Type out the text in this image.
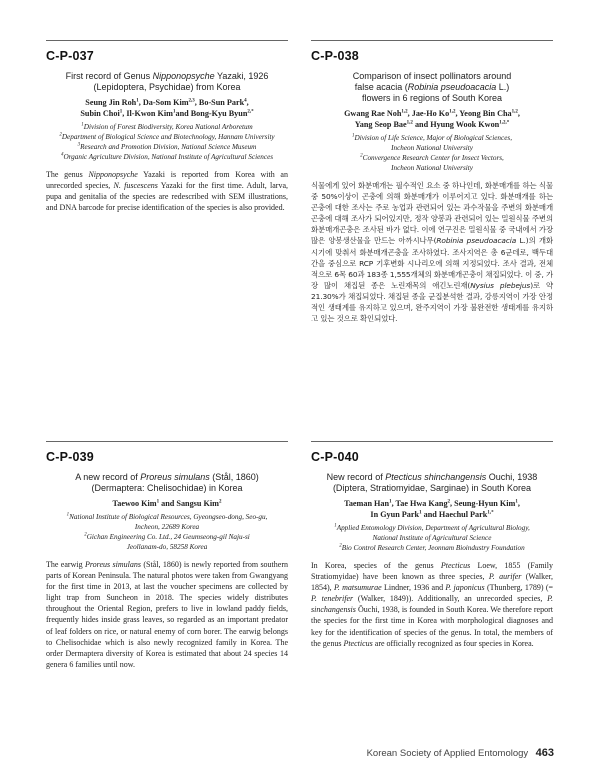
C-P-037
First record of Genus Nipponopsyche Yazaki, 1926
(Lepidoptera, Psychidae) from Korea
Seung Jin Roh$^1$, Da-Som Kim$^{2,3}$, Bo-Sun Park$^4$,
Subin Choi$^1$, Il-Kwon Kim$^1$and Bong-Kyu Byun$^{2,*}$
$^1$Division of Forest Biodiversity, Korea National Arboretum
$^2$Department of Biological Science and Biotechnology, Hannam University
$^3$Research and Promotion Division, National Science Museum
$^4$Organic Agriculture Division, National Institute of Agricultural Sciences
The genus Nipponopsyche Yazaki is reported from Korea with an unrecorded species, N. fuscescens Yazaki for the first time. Adult, larva, pupa and genitalia of the species are redescribed with SEM illustrations, and DNA barcode for precise identification of the species is also provided.
C-P-038
Comparison of insect pollinators around
false acacia (Robinia pseudoacacia L.)
flowers in 6 regions of South Korea
Gwang Rae Noh$^{1,2}$, Jae-Ho Ko$^{1,2}$, Yeong Bin Cha$^{1,2}$,
Yang Seop Bae$^{1,2}$ and Hyung Wook Kwon$^{1,2,*}$
$^1$Division of Life Science, Major of Biological Sciences,
Incheon National University
$^2$Convergence Research Center for Insect Vectors,
Incheon National University
식물에게 있어 화분매개는 필수적인 요소 중 하나인데, 화분매개를 하는 식물 중 50%이상이 곤충에 의해 화분매개가 이루어지고 있다. 화분매개를 하는 곤충에 대한 조사는 주로 농업과 관련되어 있는 과수작물을 주변의 화분매개곤충에 대해 조사가 되어있지만, 정작 양봉과 관련되어 있는 밀원식물 주변의 화분매개곤충은 조사된 바가 없다. 이에 연구진은 밀원식물 중 국내에서 가장 많은 양봉생산물을 만드는 아까시나무(Robinia pseudoacacia L.)의 개화시기에 맞춰서 화분매개곤충을 조사하였다. 조사지역은 총 6군데로, 백두대간을 중심으로 RCP 기후변화 시나리오에 의해 지정되었다. 조사 결과, 전체적으로 6목 60과 183종 1,555개체의 화분매개곤충이 채집되었다. 이 중, 가장 많이 채집된 종은 노린재목의 애긴노린재(Nysius plebejus)로 약 21.30%가 채집되었다. 채집된 종을 군집분석한 결과, 강릉지역이 가장 안정적인 생태계를 유지하고 있으며, 완주지역이 가장 불완전한 생태계를 유지하고 있는 것으로 확인되었다.
C-P-039
A new record of Proreus simulans (Stål, 1860)
(Dermaptera: Chelisochidae) in Korea
Taewoo Kim$^1$ and Sangsu Kim$^2$
$^1$National Institute of Biological Resources, Gyeongseo-dong, Seo-gu,
Incheon, 22689 Korea
$^2$Gichan Engineering Co. Ltd., 24 Geumseong-gil Naju-si
Jeollanam-do, 58258 Korea
The earwig Proreus simulans (Stål, 1860) is newly reported from southern parts of Korean Peninsula. The natural photos were taken from Gwangyang for the first time in 2013, at last the voucher specimens are collected by light trap from Suncheon in 2018. The species widely distributes throughout the Oriental Region, prefers to live in lowland paddy fields, frequently hides inside grass leaves, so regarded as an important predator of leaf folders on rice, or natural enemy of corn borer. The earwig belongs to Chelisochidae which is also newly recognized family in Korea. The order Dermaptera diversity of Korea is estimated that about 24 species 14 genera 6 families until now.
C-P-040
New record of Ptecticus shinchangensis Ouchi, 1938
(Diptera, Stratiomyidae, Sarginae) in South Korea
Taeman Han$^1$, Tae Hwa Kang$^2$, Seung-Hyun Kim$^1$,
In Gyun Park$^1$ and Haechul Park$^{1,*}$
$^1$Applied Entomology Division, Department of Agricultural Biology,
National Institute of Agricultural Science
$^2$Bio Control Research Center, Jeonnam Bioindustry Foundation
In Korea, species of the genus Ptecticus Loew, 1855 (Family Stratiomyidae) have been known as three species, P. aurifer (Walker, 1854), P. matsumurae Lindner, 1936 and P. japonicus (Thunberg, 1789) (= P. tenebrifer (Walker, 1849)). Additionally, an unrecorded species, P. sinchangensis Ōuchi, 1938, is founded in South Korea. We therefore report the species for the first time in Korea with morphological diagnoses and key for the identification of species of the genus. In total, the members of the genus Ptecticus are officially recognized as four species in Korea.
Korean Society of Applied Entomology 463
